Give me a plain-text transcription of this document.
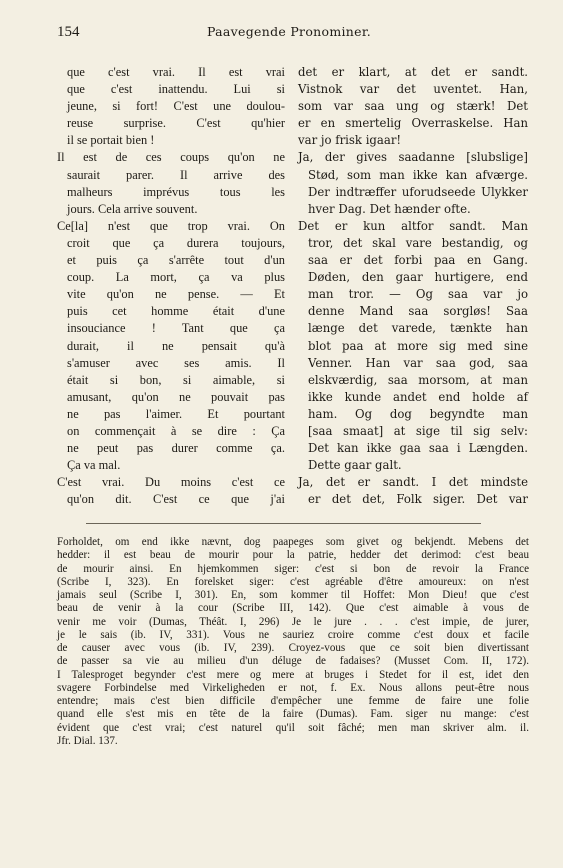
154	Paavegende Pronominer.
que c'est vrai. Il est vrai
que c'est inattendu. Lui si
jeune, si fort! C'est une doulou-
reuse surprise. C'est qu'hier
il se portait bien !
Il est de ces coups qu'on ne
saurait parer. Il arrive des
malheurs imprévus tous les
jours. Cela arrive souvent.
Ce[la] n'est que trop vrai. On
croit que ça durera toujours,
et puis ça s'arrête tout d'un
coup. La mort, ça va plus
vite qu'on ne pense. — Et
puis cet homme était d'une
insouciance ! Tant que ça
durait, il ne pensait qu'à
s'amuser avec ses amis. Il
était si bon, si aimable, si
amusant, qu'on ne pouvait pas
ne pas l'aimer. Et pourtant
on commençait à se dire : Ça
ne peut pas durer comme ça.
Ça va mal.
C'est vrai. Du moins c'est ce
qu'on dit. C'est ce que j'ai
det er klart, at det er sandt.
Vistnok var det uventet. Han,
som var saa ung og stærk! Det
er en smertelig Overraskelse. Han
var jo frisk igaar!
Ja, der gives saadanne [slubslige]
Stød, som man ikke kan afværge.
Der indtræffer uforudseede Ulykker
hver Dag. Det hænder ofte.
Det er kun altfor sandt. Man
tror, det skal vare bestandig, og
saa er det forbi paa en Gang.
Døden, den gaar hurtigere, end
man tror. — Og saa var jo
denne Mand saa sorgløs! Saa
længe det varede, tænkte han
blot paa at more sig med sine
Venner. Han var saa god, saa
elskværdig, saa morsom, at man
ikke kunde andet end holde af
ham. Og dog begyndte man
[saa smaat] at sige til sig selv:
Det kan ikke gaa saa i Længden.
Dette gaar galt.
Ja, det er sandt. I det mindste
er det det, Folk siger. Det var
Forholdet, om end ikke nævnt, dog paapeges som givet og bekjendt. Mebens det
hedder: il est beau de mourir pour la patrie, hedder det derimod: c'est beau
de mourir ainsi. En hjemkommen siger: c'est si bon de revoir la France
(Scribe I, 323). En forelsket siger: c'est agréable d'être amoureux: on n'est
jamais seul (Scribe I, 301). En, som kommer til Hoffet: Mon Dieu! que c'est
beau de venir à la cour (Scribe III, 142). Que c'est aimable à vous de
venir me voir (Dumas, Théât. I, 296) Je le jure . . . c'est impie, de jurer,
je le sais (ib. IV, 331). Vous ne sauriez croire comme c'est doux et facile
de causer avec vous (ib. IV, 239). Croyez-vous que ce soit bien divertissant
de passer sa vie au milieu d'un déluge de fadaises? (Musset Com. II, 172).
I Talesproget begynder c'est mere og mere at bruges i Stedet for il est, idet den
svagere Forbindelse med Virkeligheden er not, f. Ex. Nous allons peut-être nous
entendre; mais c'est bien difficile d'empêcher une femme de faire une folie
quand elle s'est mis en tête de la faire (Dumas). Fam. siger nu mange: c'est
évident que c'est vrai; c'est naturel qu'il soit fâché; men man skriver alm. il.
Jfr. Dial. 137.
